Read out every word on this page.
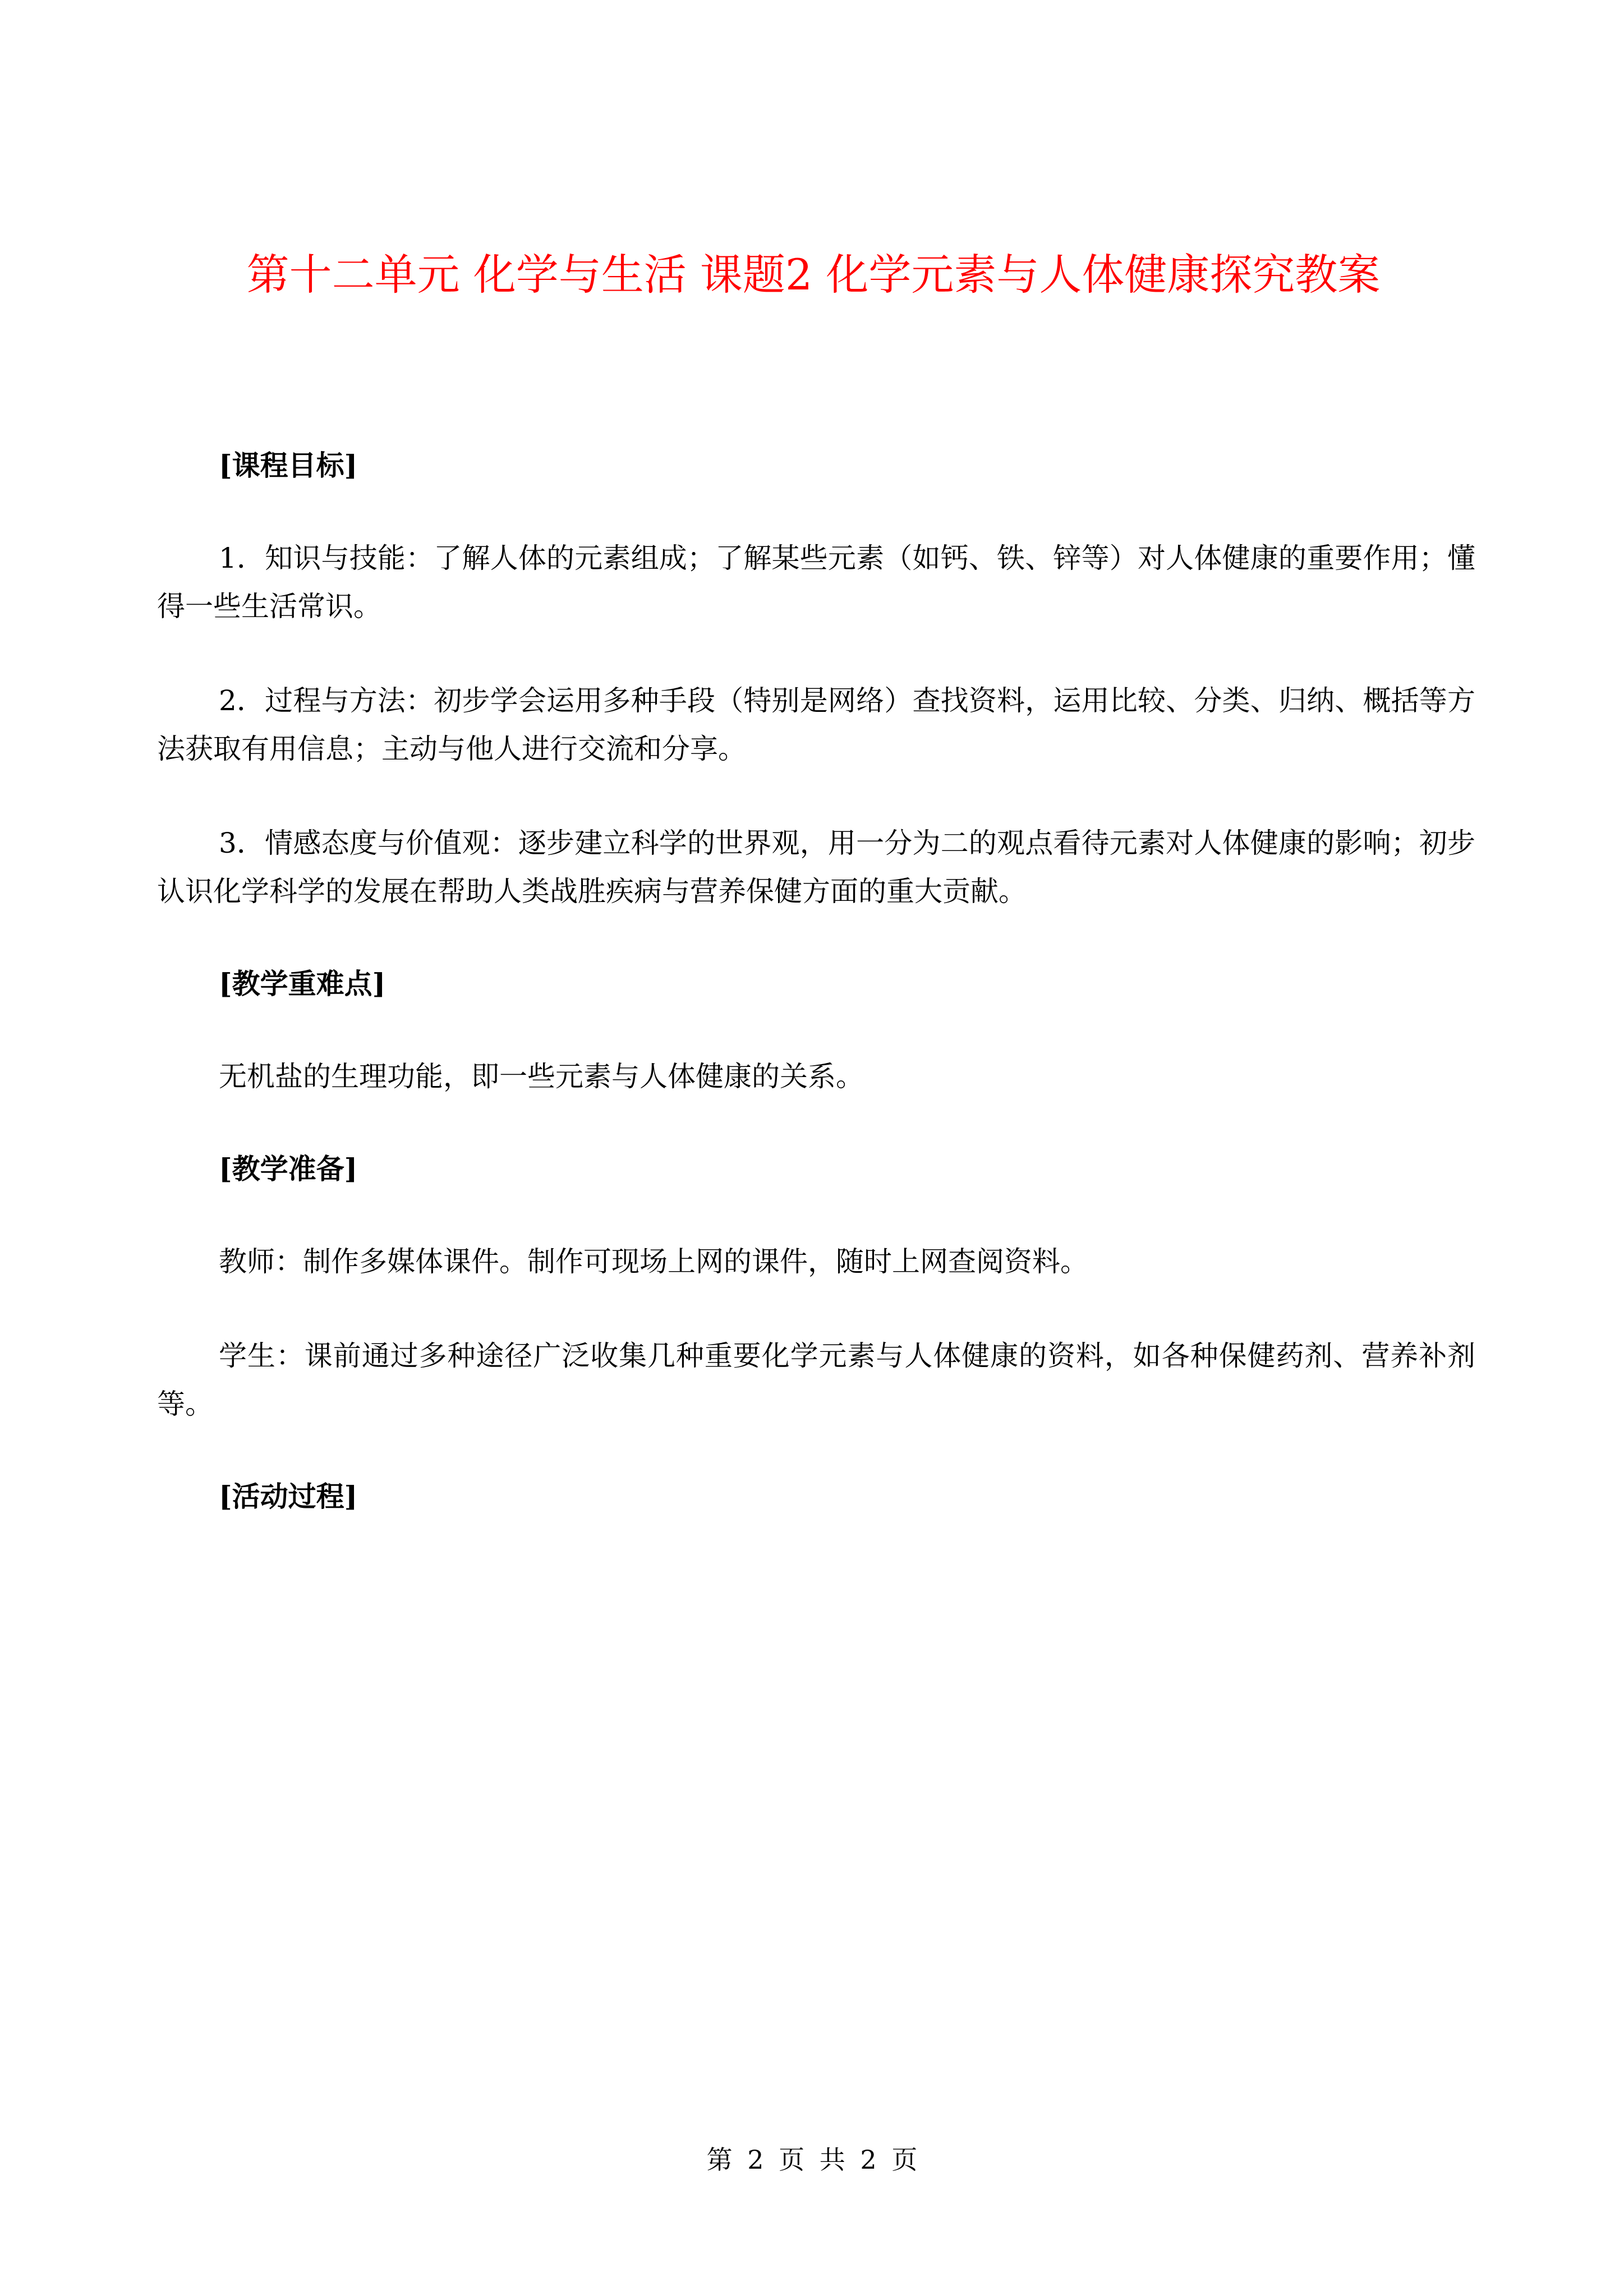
第十二单元 化学与生活 课题2 化学元素与人体健康探究教案

[课程目标]

1．知识与技能：了解人体的元素组成；了解某些元素（如钙、铁、锌等）对人体健康的重要作用；懂得一些生活常识。

2．过程与方法：初步学会运用多种手段（特别是网络）查找资料，运用比较、分类、归纳、概括等方法获取有用信息；主动与他人进行交流和分享。

3．情感态度与价值观：逐步建立科学的世界观，用一分为二的观点看待元素对人体健康的影响；初步认识化学科学的发展在帮助人类战胜疾病与营养保健方面的重大贡献。

[教学重难点]

无机盐的生理功能，即一些元素与人体健康的关系。

[教学准备]

教师：制作多媒体课件。制作可现场上网的课件，随时上网查阅资料。

学生：课前通过多种途径广泛收集几种重要化学元素与人体健康的资料，如各种保健药剂、营养补剂等。

[活动过程]

第 2 页 共 2 页
